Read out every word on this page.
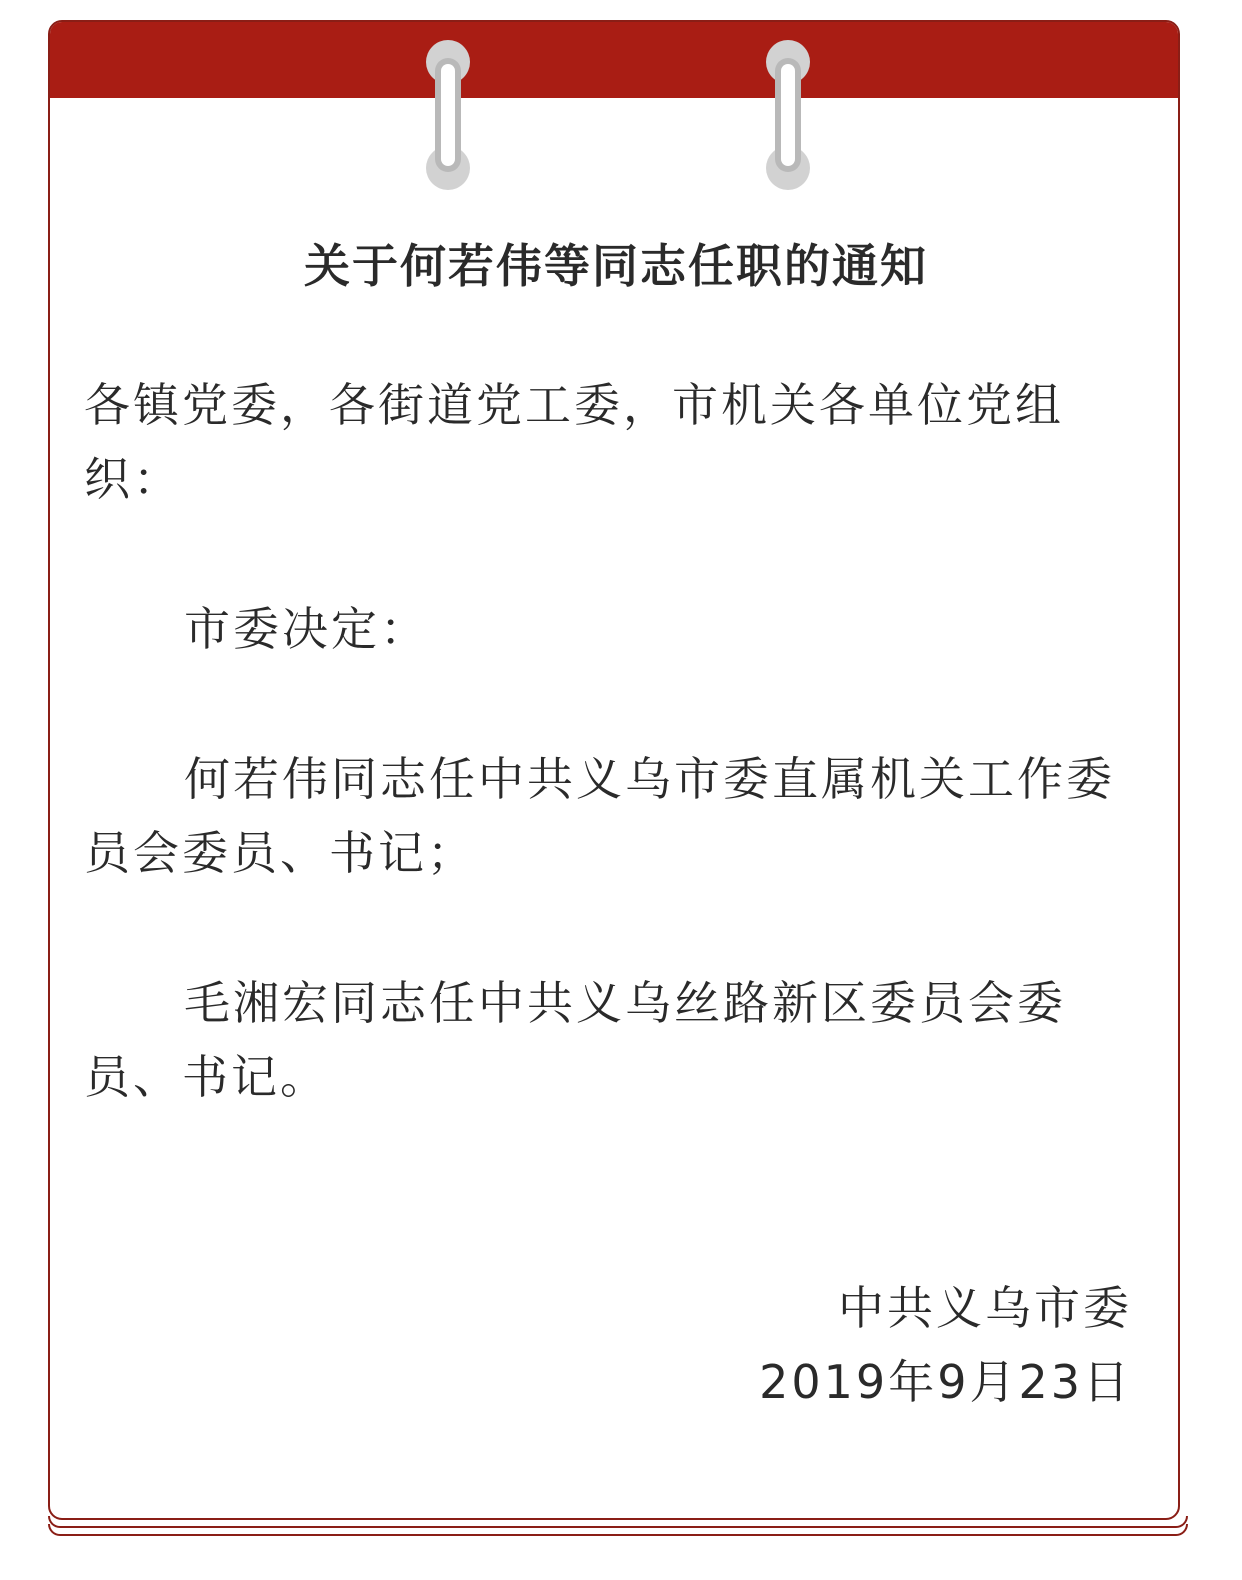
关于何若伟等同志任职的通知
各镇党委，各街道党工委，市机关各单位党组织：
市委决定：
何若伟同志任中共义乌市委直属机关工作委员会委员、书记；
毛湘宏同志任中共义乌丝路新区委员会委员、书记。
中共义乌市委
2019年9月23日
